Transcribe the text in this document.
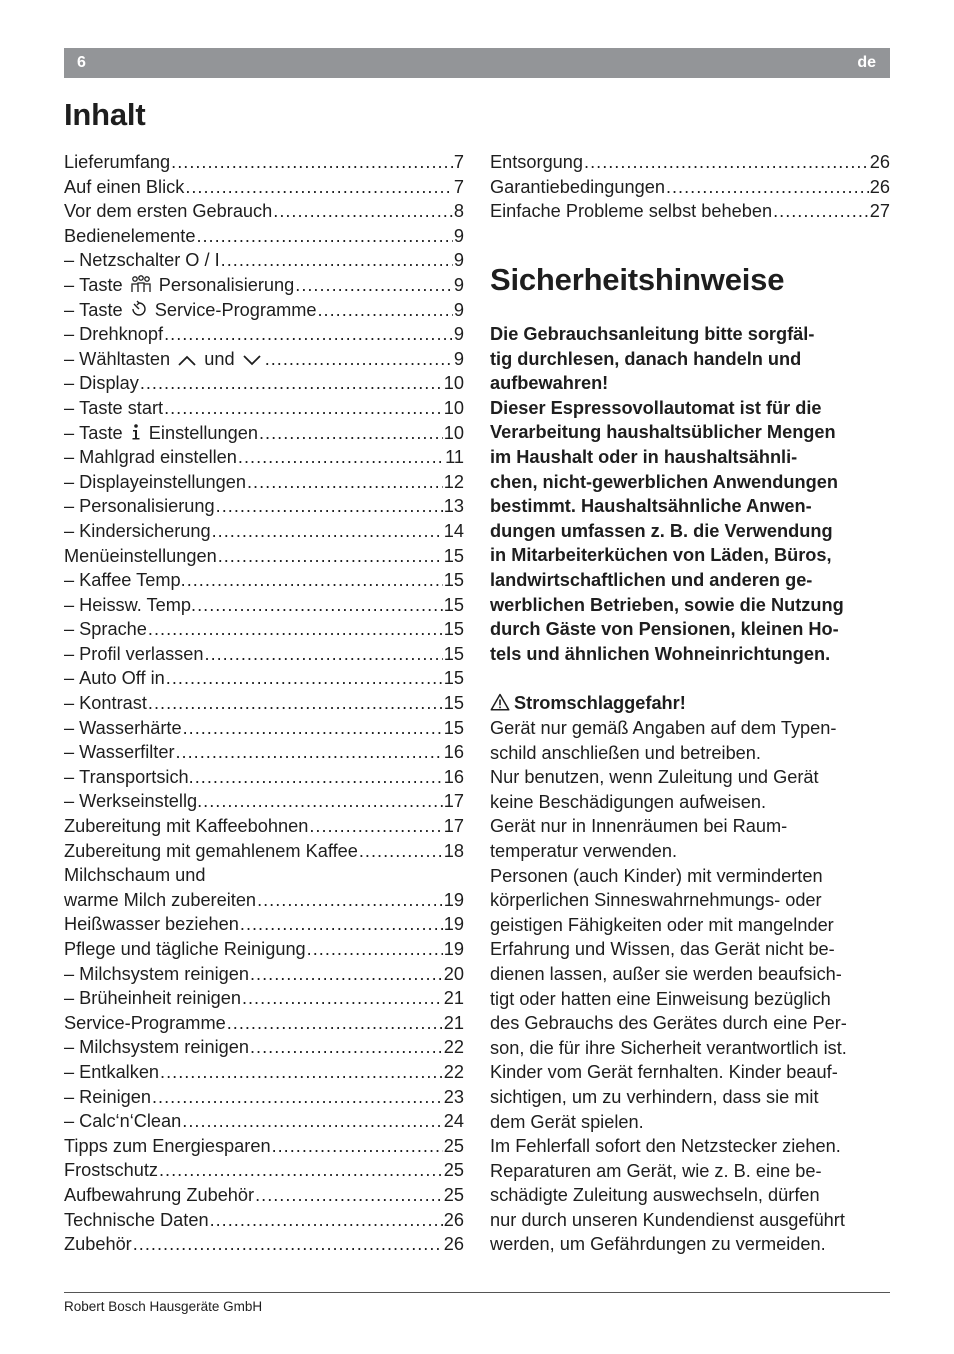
6	de
Inhalt
Lieferumfang .....	7
Auf einen Blick .....	7
Vor dem ersten Gebrauch .....	8
Bedienelemente .....	9
– Netzschalter O / I .....	9
– Taste Personalisierung .....	9
– Taste Service-Programme .....	9
– Drehknopf .....	9
– Wähltasten und .....	9
– Display .....	10
– Taste start .....	10
– Taste Einstellungen .....	10
– Mahlgrad einstellen .....	11
– Displayeinstellungen .....	12
– Personalisierung .....	13
– Kindersicherung .....	14
Menüeinstellungen .....	15
– Kaffee Temp. .....	15
– Heissw. Temp. .....	15
– Sprache .....	15
– Profil verlassen .....	15
– Auto Off in .....	15
– Kontrast .....	15
– Wasserhärte .....	15
– Wasserfilter .....	16
– Transportsich. .....	16
– Werkseinstellg. .....	17
Zubereitung mit Kaffeebohnen .....	17
Zubereitung mit gemahlenem Kaffee .....	18
Milchschaum und
warme Milch zubereiten .....	19
Heißwasser beziehen .....	19
Pflege und tägliche Reinigung .....	19
– Milchsystem reinigen .....	20
– Brüheinheit reinigen .....	21
Service-Programme .....	21
– Milchsystem reinigen .....	22
– Entkalken .....	22
– Reinigen .....	23
– Calc‘n‘Clean .....	24
Tipps zum Energiesparen .....	25
Frostschutz .....	25
Aufbewahrung Zubehör .....	25
Technische Daten .....	26
Zubehör .....	26
Entsorgung .....	26
Garantiebedingungen .....	26
Einfache Probleme selbst beheben .....	27
Sicherheitshinweise
Die Gebrauchsanleitung bitte sorgfäl-
tig durchlesen, danach handeln und
aufbewahren!
Dieser Espressovollautomat ist für die
Verarbeitung haushaltsüblicher Mengen
im Haushalt oder in haushaltsähnli-
chen, nicht-gewerblichen Anwendungen
bestimmt. Haushaltsähnliche Anwen-
dungen umfassen z. B. die Verwendung
in Mitarbeiterküchen von Läden, Büros,
landwirtschaftlichen und anderen ge-
werblichen Betrieben, sowie die Nutzung
durch Gäste von Pensionen, kleinen Ho-
tels und ähnlichen Wohneinrichtungen.
Stromschlaggefahr!
Gerät nur gemäß Angaben auf dem Typen-
schild anschließen und betreiben.
Nur benutzen, wenn Zuleitung und Gerät
keine Beschädigungen aufweisen.
Gerät nur in Innenräumen bei Raum-
temperatur verwenden.
Personen (auch Kinder) mit verminderten
körperlichen Sinneswahrnehmungs- oder
geistigen Fähigkeiten oder mit mangelnder
Erfahrung und Wissen, das Gerät nicht be-
dienen lassen, außer sie werden beaufsich-
tigt oder hatten eine Einweisung bezüglich
des Gebrauchs des Gerätes durch eine Per-
son, die für ihre Sicherheit verantwortlich ist.
Kinder vom Gerät fernhalten. Kinder beauf-
sichtigen, um zu verhindern, dass sie mit
dem Gerät spielen.
Im Fehlerfall sofort den Netzstecker ziehen.
Reparaturen am Gerät, wie z. B. eine be-
schädigte Zuleitung auswechseln, dürfen
nur durch unseren Kundendienst ausgeführt
werden, um Gefährdungen zu vermeiden.
Robert Bosch Hausgeräte GmbH
